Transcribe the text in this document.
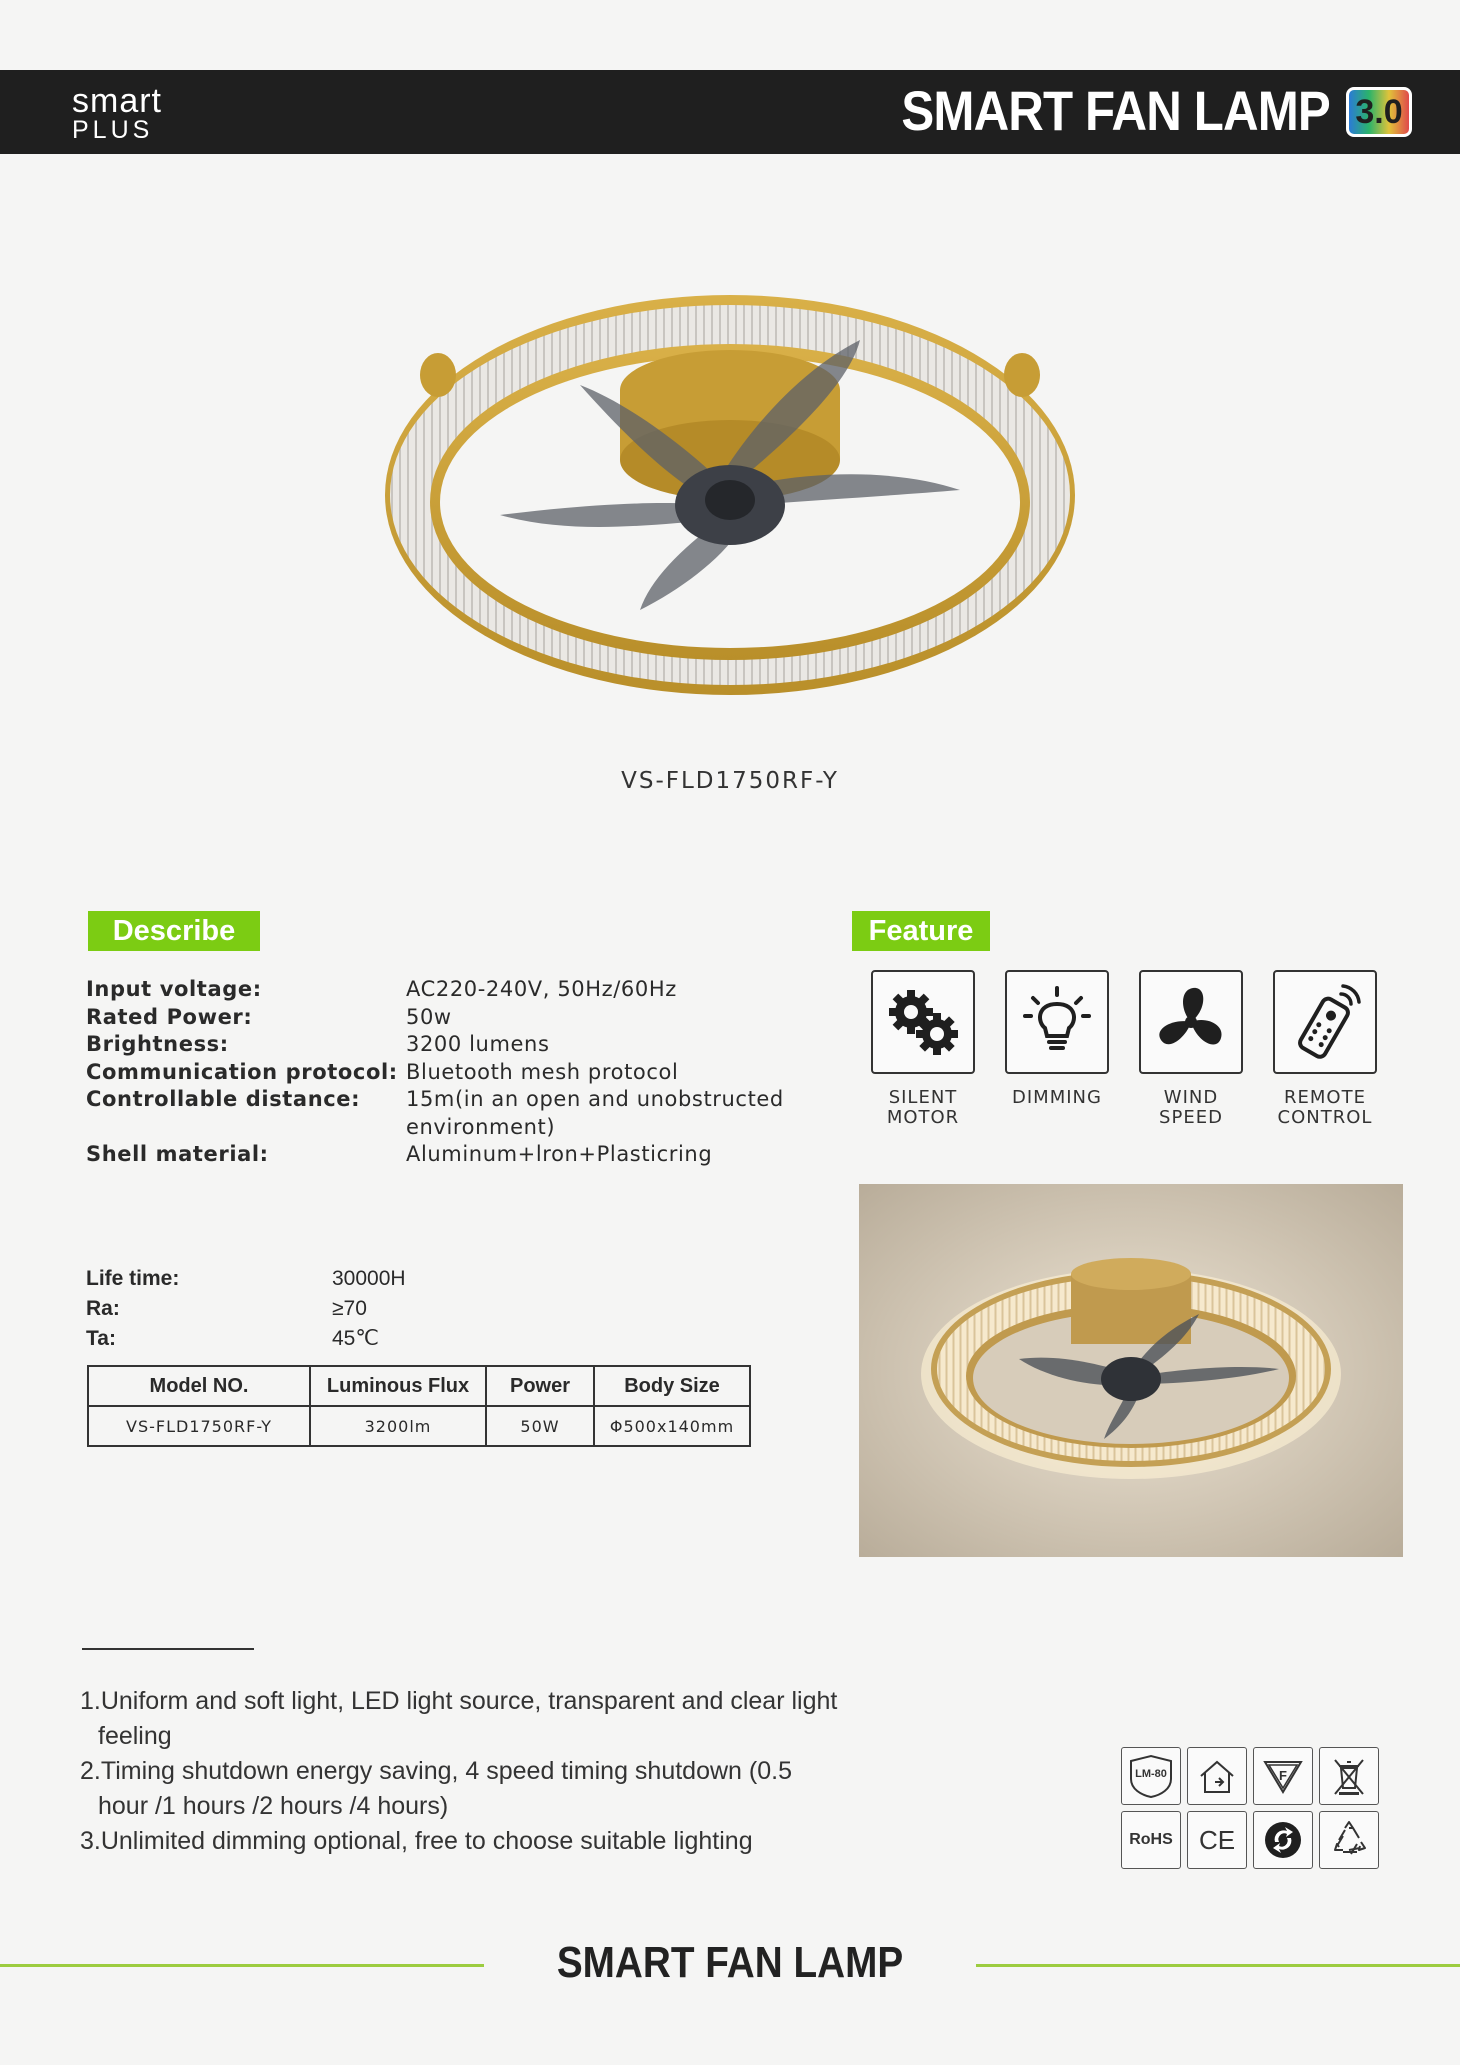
smart
PLUS	SMART FAN LAMP 3.0
VS-FLD1750RF-Y
Describe
Input voltage:	AC220-240V, 50Hz/60Hz
Rated Power:	50w
Brightness:	3200 lumens
Communication protocol: Bluetooth mesh protocol
Controllable distance:	15m(in an open and unobstructed environment)
Shell material:	Aluminum+lron+Plasticring
Life time:	30000H
Ra:	≥70
Ta:	45℃
Model NO.	Luminous Flux	Power	Body Size
VS-FLD1750RF-Y	3200lm	50W	Φ500x140mm
Feature
SILENT
MOTOR
DIMMING	WIND
SPEED
REMOTE
CONTROL
1.Uniform and soft light, LED light source, transparent and clear light feeling
2.Timing shutdown energy saving, 4 speed timing shutdown (0.5 hour /1 hours /2 hours /4 hours)
3.Unlimited dimming optional, free to choose suitable lighting
LM-80	F
RoHS	CE
SMART FAN LAMP
